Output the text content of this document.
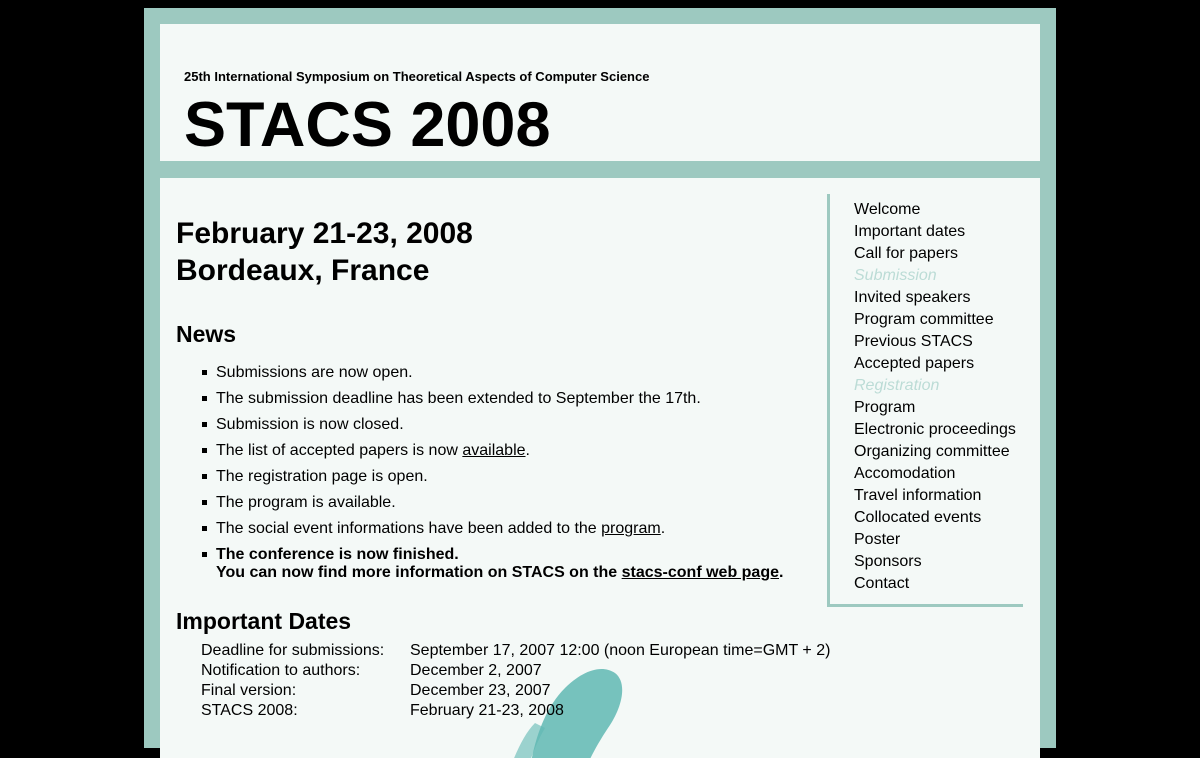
25th International Symposium on Theoretical Aspects of Computer Science
STACS 2008
February 21-23, 2008
Bordeaux, France
News
Submissions are now open.
The submission deadline has been extended to September the 17th.
Submission is now closed.
The list of accepted papers is now available.
The registration page is open.
The program is available.
The social event informations have been added to the program.
The conference is now finished.
You can now find more information on STACS on the stacs-conf web page.
Important Dates
Deadline for submissions:	September 17, 2007 12:00 (noon European time=GMT + 2)
Notification to authors:	December 2, 2007
Final version:	December 23, 2007
STACS 2008:	February 21-23, 2008
Welcome
Important dates
Call for papers
Submission
Invited speakers
Program committee
Previous STACS
Accepted papers
Registration
Program
Electronic proceedings
Organizing committee
Accomodation
Travel information
Collocated events
Poster
Sponsors
Contact
